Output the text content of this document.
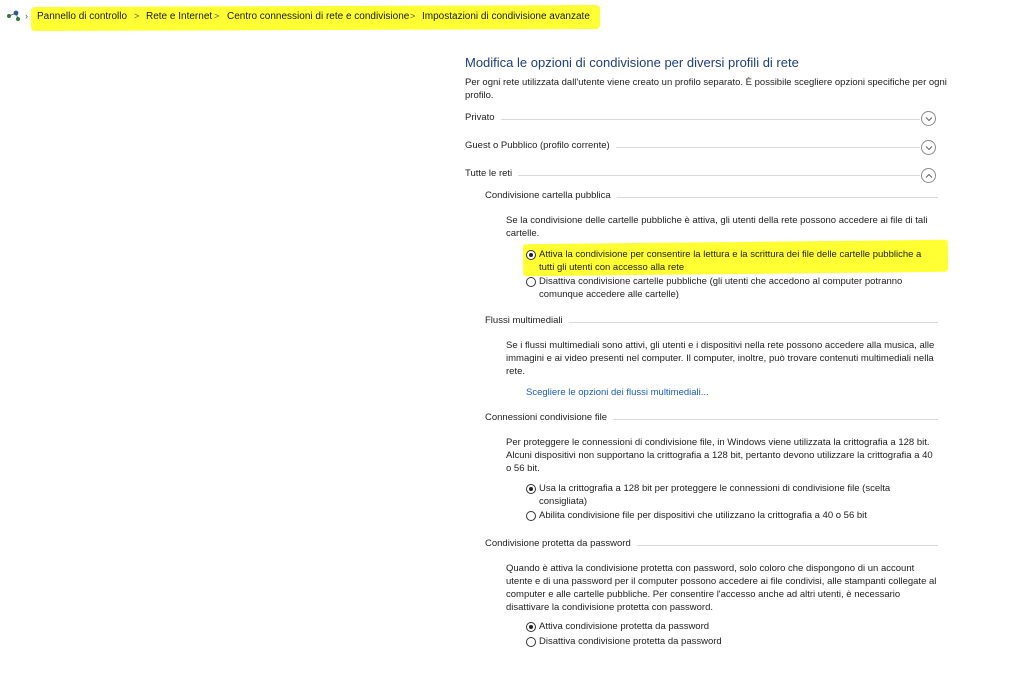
› Pannello di controllo > Rete e Internet > Centro connessioni di rete e condivisione > Impostazioni di condivisione avanzate
Modifica le opzioni di condivisione per diversi profili di rete
Per ogni rete utilizzata dall'utente viene creato un profilo separato. È possibile scegliere opzioni specifiche per ogni profilo.
Privato
Guest o Pubblico (profilo corrente)
Tutte le reti
Condivisione cartella pubblica
Se la condivisione delle cartelle pubbliche è attiva, gli utenti della rete possono accedere ai file di tali cartelle.
Attiva la condivisione per consentire la lettura e la scrittura dei file delle cartelle pubbliche a tutti gli utenti con accesso alla rete
Disattiva condivisione cartelle pubbliche (gli utenti che accedono al computer potranno comunque accedere alle cartelle)
Flussi multimediali
Se i flussi multimediali sono attivi, gli utenti e i dispositivi nella rete possono accedere alla musica, alle immagini e ai video presenti nel computer. Il computer, inoltre, può trovare contenuti multimediali nella rete.
Scegliere le opzioni dei flussi multimediali...
Connessioni condivisione file
Per proteggere le connessioni di condivisione file, in Windows viene utilizzata la crittografia a 128 bit. Alcuni dispositivi non supportano la crittografia a 128 bit, pertanto devono utilizzare la crittografia a 40 o 56 bit.
Usa la crittografia a 128 bit per proteggere le connessioni di condivisione file (scelta consigliata)
Abilita condivisione file per dispositivi che utilizzano la crittografia a 40 o 56 bit
Condivisione protetta da password
Quando è attiva la condivisione protetta con password, solo coloro che dispongono di un account utente e di una password per il computer possono accedere ai file condivisi, alle stampanti collegate al computer e alle cartelle pubbliche. Per consentire l'accesso anche ad altri utenti, è necessario disattivare la condivisione protetta con password.
Attiva condivisione protetta da password
Disattiva condivisione protetta da password
